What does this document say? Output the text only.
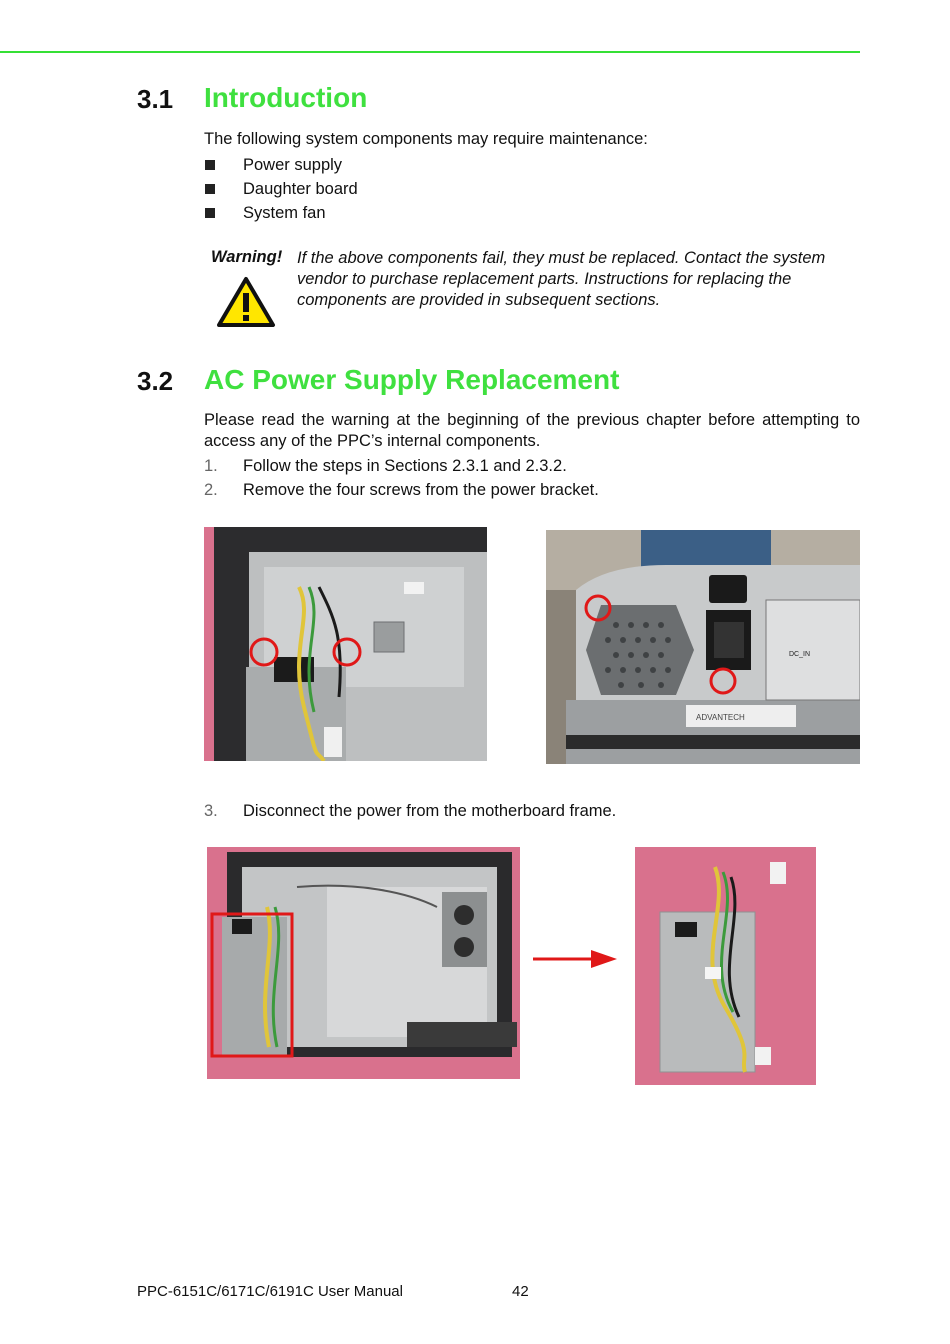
3.1 Introduction
The following system components may require maintenance:
Power supply
Daughter board
System fan
Warning! If the above components fail, they must be replaced. Contact the system vendor to purchase replacement parts. Instructions for replacing the components are provided in subsequent sections.
3.2 AC Power Supply Replacement
Please read the warning at the beginning of the previous chapter before attempting to access any of the PPC’s internal components.
1.	Follow the steps in Sections 2.3.1 and 2.3.2.
2.	Remove the four screws from the power bracket.
DC_IN
ADVANTECH
3.	Disconnect the power from the motherboard frame.
PPC-6151C/6171C/6191C User Manual	42
